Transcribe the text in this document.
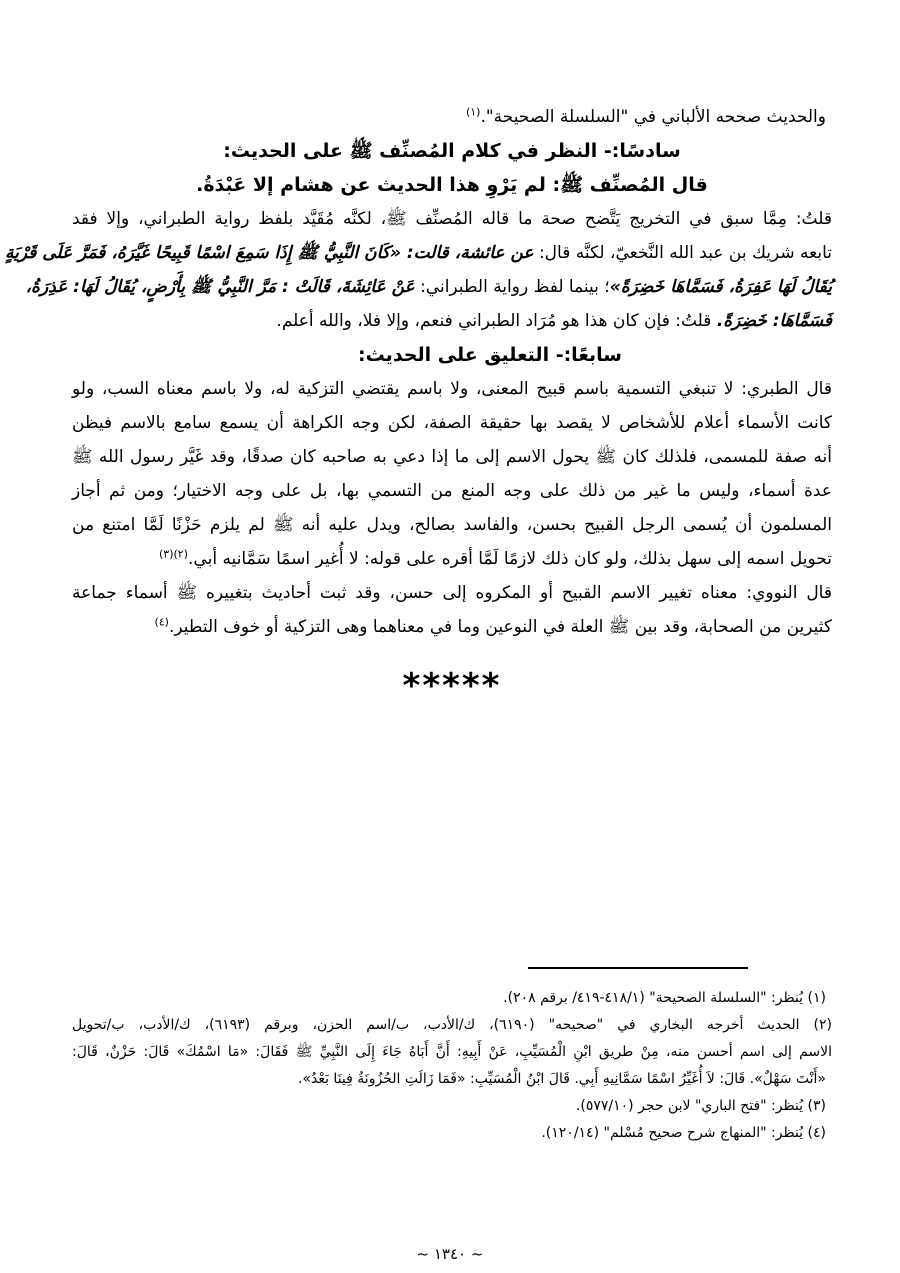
والحديث صححه الألباني في "السلسلة الصحيحة".$^{(١)}$
سادسًا:- النظر في كلام المُصنِّف ﷺ على الحديث:
قال المُصنِّف ﷺ: لم يَرْوِ هذا الحديث عن هشام إلا عَبْدَةُ.
قلتُ: مِمَّا سبق في التخريج يَتَّضح صحة ما قاله المُصنِّف ﷺ، لكنَّه مُقَيَّد بلفظ رواية الطبراني، وإلا فقد
تابعه شريك بن عبد الله النَّخعيّ، لكنَّه قال: عن عائشة، قالت: «كَانَ النَّبِيُّ ﷺ إِذَا سَمِعَ اسْمًا قَبِيحًا غَيَّرَهُ، فَمَرَّ عَلَى قَرْيَةٍ
يُقَالُ لَهَا عَفِرَةُ، فَسَمَّاهَا خَضِرَةً»؛ بينما لفظ رواية الطبراني: عَنْ عَائِشَةَ، قَالَتْ : مَرَّ النَّبِيُّ ﷺ بِأَرْضٍ، يُقَالُ لَهَا: عَذِرَةُ،
فَسَمَّاهَا: خَضِرَةً. قلتُ: فإن كان هذا هو مُرَاد الطبراني فنعم، وإلا فلا، والله أعلم.
سابعًا:- التعليق على الحديث:
قال الطبري: لا تنبغي التسمية باسم قبيح المعنى، ولا باسم يقتضي التزكية له، ولا باسم معناه السب، ولو
كانت الأسماء أعلام للأشخاص لا يقصد بها حقيقة الصفة، لكن وجه الكراهة أن يسمع سامع بالاسم فيظن
أنه صفة للمسمى، فلذلك كان ﷺ يحول الاسم إلى ما إذا دعي به صاحبه كان صدقًا، وقد غَيَّر رسول الله ﷺ
عدة أسماء، وليس ما غير من ذلك على وجه المنع من التسمي بها، بل على وجه الاختيار؛ ومن ثم أجاز
المسلمون أن يُسمى الرجل القبيح بحسن، والفاسد بصالح، ويدل عليه أنه ﷺ لم يلزم حَزْنًا لَمَّا امتنع من
تحويل اسمه إلى سهل بذلك، ولو كان ذلك لازمًا لَمَّا أقره على قوله: لا أُغير اسمًا سَمَّانيه أبي.$^{(٢)(٣)}$
قال النووي: معناه تغيير الاسم القبيح أو المكروه إلى حسن، وقد ثبت أحاديث بتغييره ﷺ أسماء جماعة
كثيرين من الصحابة، وقد بين ﷺ العلة في النوعين وما في معناهما وهى التزكية أو خوف التطير.$^{(٤)}$
*****
(١) يُنظر: "السلسلة الصحيحة" (٤١٨/١-٤١٩/ برقم ٢٠٨).
(٢) الحديث أخرجه البخاري في "صحيحه" (٦١٩٠)، ك/الأدب، ب/اسم الحزن، وبرقم (٦١٩٣)، ك/الأدب، ب/تحويل
الاسم إلى اسم أحسن منه، مِنْ طريق ابْنِ الْمُسَيِّبِ، عَنْ أَبِيهِ: أَنَّ أَبَاهُ جَاءَ إِلَى النَّبِيِّ ﷺ فَقَالَ: «مَا اسْمُكَ» قَالَ: حَزْنٌ، قَالَ:
«أَنْتَ سَهْلٌ». قَالَ: لاَ أُغَيِّرُ اسْمًا سَمَّانِيهِ أَبِي. قَالَ ابْنُ الْمُسَيِّبِ: «فَمَا زَالَتِ الحُزُونَةُ فِينَا بَعْدُ».
(٣) يُنظر: "فتح الباري" لابن حجر (٥٧٧/١٠).
(٤) يُنظر: "المنهاج شرح صحيح مُسْلم" (١٢٠/١٤).
~ ١٣٤٠ ~
